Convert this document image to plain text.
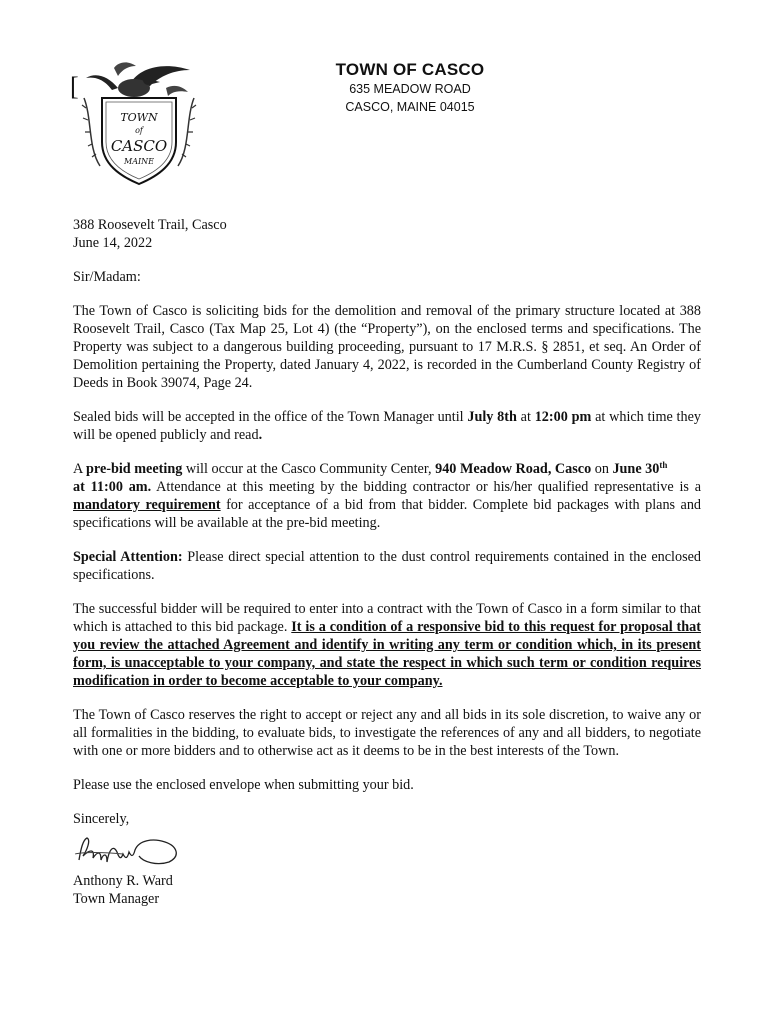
[
TOWN
of
CASCO
MAINE
TOWN OF CASCO
635 MEADOW ROAD
CASCO, MAINE 04015

388 Roosevelt Trail, Casco
June 14, 2022

Sir/Madam:

The Town of Casco is soliciting bids for the demolition and removal of the primary structure located at 388 Roosevelt Trail, Casco (Tax Map 25, Lot 4) (the “Property”), on the enclosed terms and specifications. The Property was subject to a dangerous building proceeding, pursuant to 17 M.R.S. § 2851, et seq. An Order of Demolition pertaining the Property, dated January 4, 2022, is recorded in the Cumberland County Registry of Deeds in Book 39074, Page 24.

Sealed bids will be accepted in the office of the Town Manager until July 8th at 12:00 pm at which time they will be opened publicly and read.

A pre-bid meeting will occur at the Casco Community Center, 940 Meadow Road, Casco on June 30th
at 11:00 am. Attendance at this meeting by the bidding contractor or his/her qualified representative is a mandatory requirement for acceptance of a bid from that bidder. Complete bid packages with plans and specifications will be available at the pre-bid meeting.

Special Attention: Please direct special attention to the dust control requirements contained in the enclosed specifications.

The successful bidder will be required to enter into a contract with the Town of Casco in a form similar to that which is attached to this bid package. It is a condition of a responsive bid to this request for proposal that you review the attached Agreement and identify in writing any term or condition which, in its present form, is unacceptable to your company, and state the respect in which such term or condition requires modification in order to become acceptable to your company.

The Town of Casco reserves the right to accept or reject any and all bids in its sole discretion, to waive any or all formalities in the bidding, to evaluate bids, to investigate the references of any and all bidders, to negotiate with one or more bidders and to otherwise act as it deems to be in the best interests of the Town.

Please use the enclosed envelope when submitting your bid.

Sincerely,

Anthony R. Ward
Town Manager
